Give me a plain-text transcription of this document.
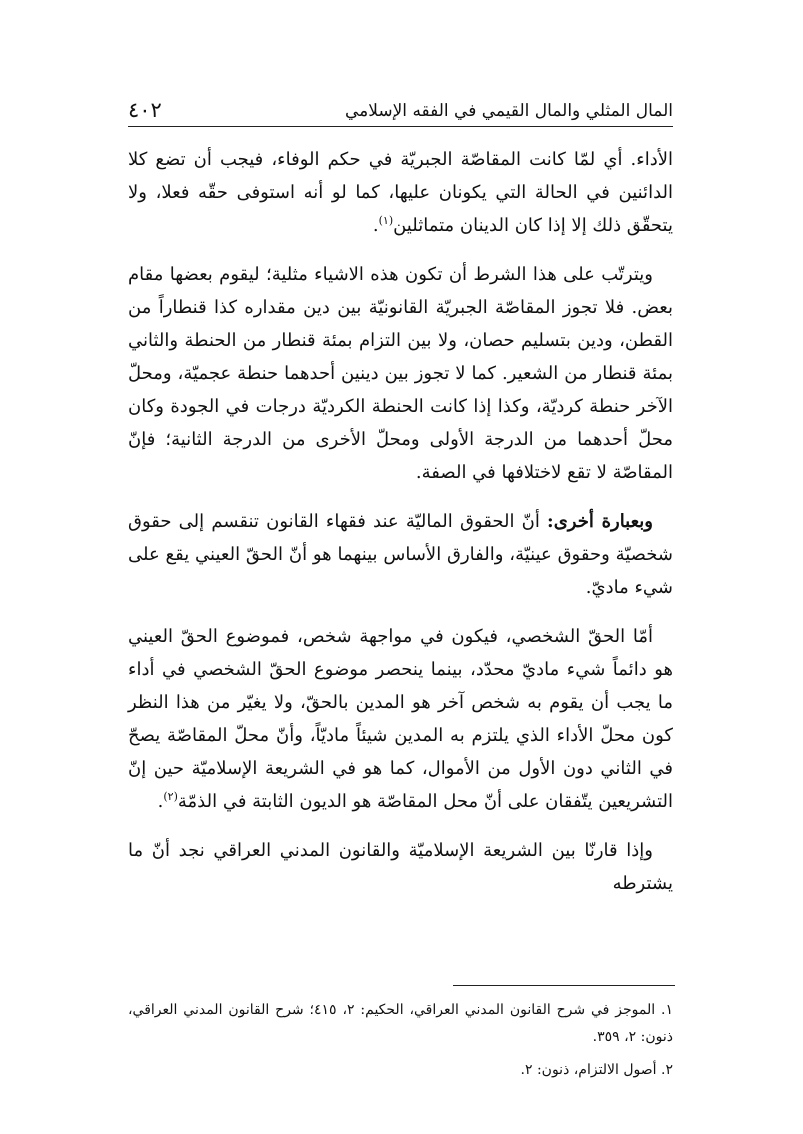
المال المثلي والمال القيمي في الفقه الإسلامي
٤٠٢

الأداء. أي لمّا كانت المقاصّة الجبريّة في حكم الوفاء، فيجب أن تضع كلا الدائنين في الحالة التي يكونان عليها، كما لو أنه استوفى حقّه فعلا، ولا يتحقّق ذلك إلا إذا كان الدينان متماثلين$^{(١)}$.

ويترتّب على هذا الشرط أن تكون هذه الاشياء مثلية؛ ليقوم بعضها مقام بعض. فلا تجوز المقاصّة الجبريّة القانونيّة بين دين مقداره كذا قنطاراً من القطن، ودين بتسليم حصان، ولا بين التزام بمئة قنطار من الحنطة والثاني بمئة قنطار من الشعير. كما لا تجوز بين دينين أحدهما حنطة عجميّة، ومحلّ الآخر حنطة كرديّة، وكذا إذا كانت الحنطة الكرديّة درجات في الجودة وكان محلّ أحدهما من الدرجة الأولى ومحلّ الأخرى من الدرجة الثانية؛ فإنّ المقاصّة لا تقع لاختلافها في الصفة.

وبعبارة أخرى: أنّ الحقوق الماليّة عند فقهاء القانون تنقسم إلى حقوق شخصيّة وحقوق عينيّة، والفارق الأساس بينهما هو أنّ الحقّ العيني يقع على شيء ماديّ.

أمّا الحقّ الشخصي، فيكون في مواجهة شخص، فموضوع الحقّ العيني هو دائماً شيء ماديّ محدّد، بينما ينحصر موضوع الحقّ الشخصي في أداء ما يجب أن يقوم به شخص آخر هو المدين بالحقّ، ولا يغيّر من هذا النظر كون محلّ الأداء الذي يلتزم به المدين شيئاً ماديّاً، وأنّ محلّ المقاصّة يصحّ في الثاني دون الأول من الأموال، كما هو في الشريعة الإسلاميّة حين إنّ التشريعين يتّفقان على أنّ محل المقاصّة هو الديون الثابتة في الذمّة$^{(٢)}$.

وإذا قارنّا بين الشريعة الإسلاميّة والقانون المدني العراقي نجد أنّ ما يشترطه

١. الموجز في شرح القانون المدني العراقي، الحكيم: ٢، ٤١٥؛ شرح القانون المدني العراقي، ذنون: ٢، ٣٥٩.

٢. أصول الالتزام، ذنون: ٢.
